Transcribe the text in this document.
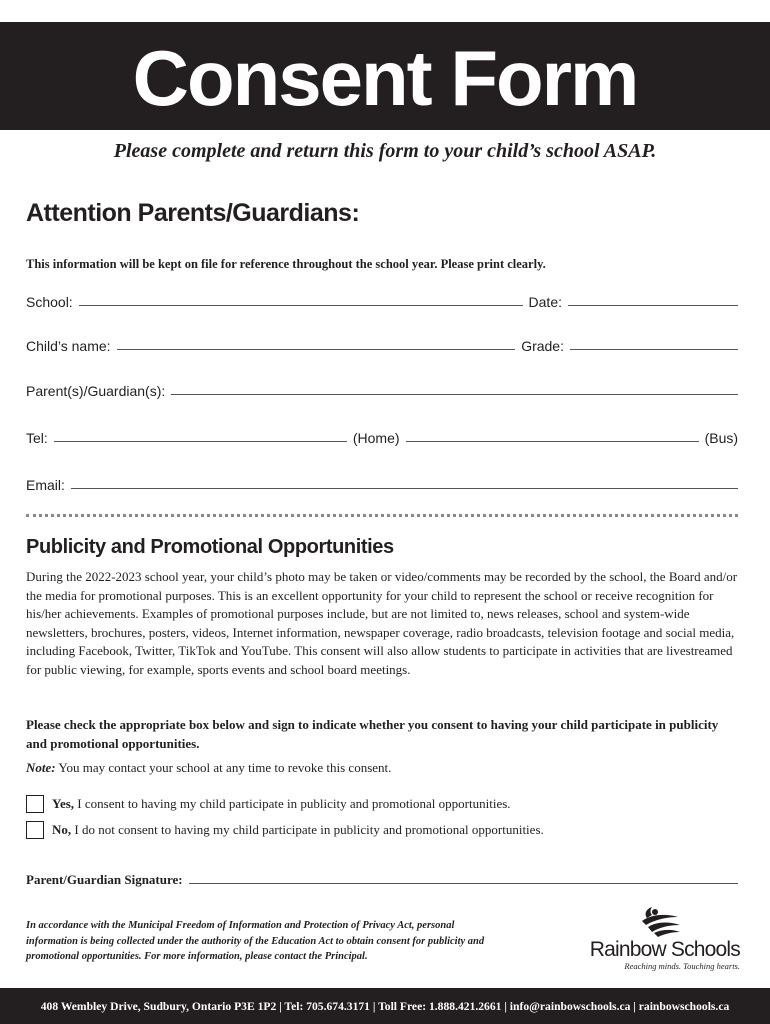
Consent Form
Please complete and return this form to your child’s school ASAP.
Attention Parents/Guardians:
This information will be kept on file for reference throughout the school year. Please print clearly.
School:	Date:
Child’s name:	Grade:
Parent(s)/Guardian(s):
Tel:	(Home)	(Bus)
Email:
Publicity and Promotional Opportunities
During the 2022-2023 school year, your child’s photo may be taken or video/comments may be recorded by the school, the Board and/or the media for promotional purposes. This is an excellent opportunity for your child to represent the school or receive recognition for his/her achievements. Examples of promotional purposes include, but are not limited to, news releases, school and system-wide newsletters, brochures, posters, videos, Internet information, newspaper coverage, radio broadcasts, television footage and social media, including Facebook, Twitter, TikTok and YouTube. This consent will also allow students to participate in activities that are livestreamed for public viewing, for example, sports events and school board meetings.
Please check the appropriate box below and sign to indicate whether you consent to having your child participate in publicity and promotional opportunities.
Note: You may contact your school at any time to revoke this consent.
Yes,
I consent to having my child participate in publicity and promotional opportunities.
No,
I do not consent to having my child participate in publicity and promotional opportunities.
Parent/Guardian Signature:
In accordance with the Municipal Freedom of Information and Protection of Privacy Act, personal information is being collected under the authority of the Education Act to obtain consent for publicity and promotional opportunities. For more information, please contact the Principal.	Rainbow Schools
Reaching minds. Touching hearts.
408 Wembley Drive, Sudbury, Ontario P3E 1P2 | Tel: 705.674.3171 | Toll Free: 1.888.421.2661 | info@rainbowschools.ca | rainbowschools.ca
